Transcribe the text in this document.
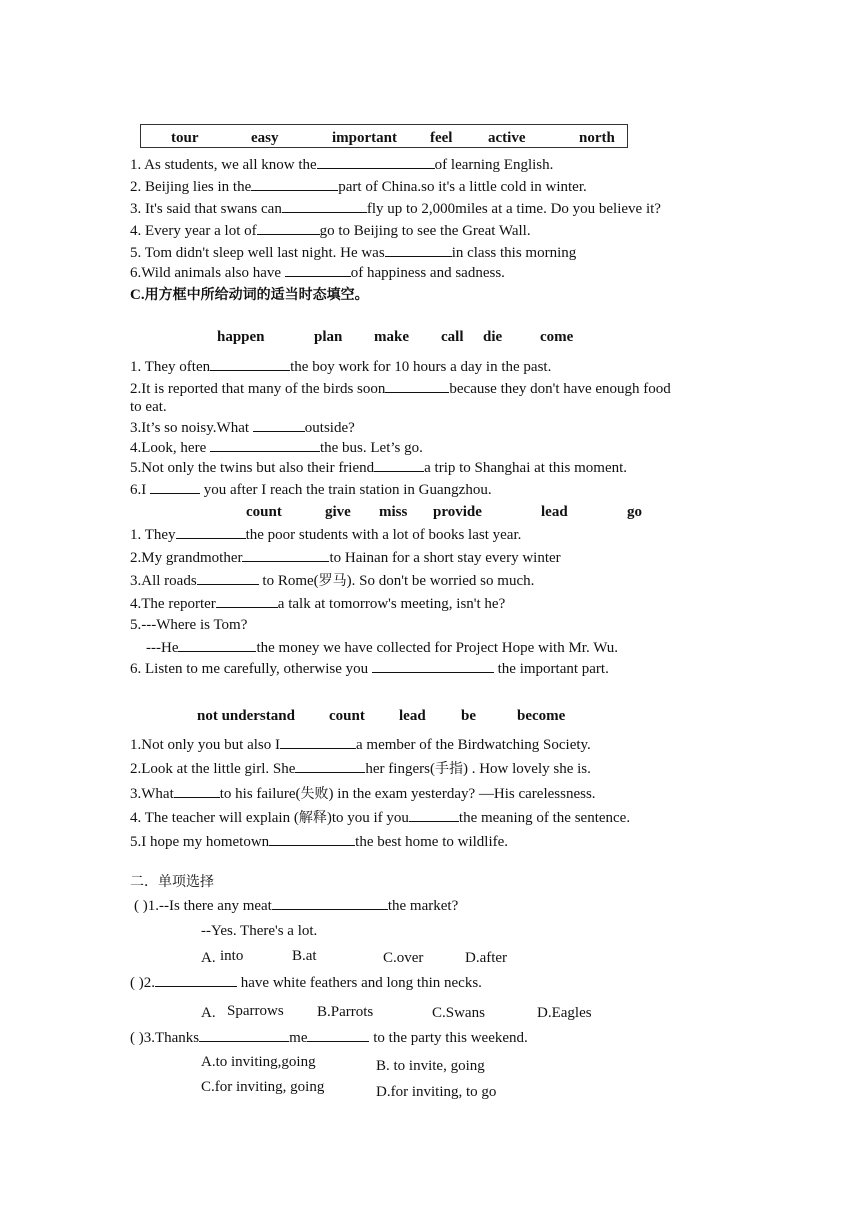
tour	easy	important feel active	north
1. As students, we all know the	of learning English.
2. Beijing lies in the	part of China.so it's a little cold in winter.
3. It's said that swans can	fly up to 2,000miles at a time. Do you believe it?
4. Every year a lot of	go to Beijing to see the Great Wall.
5. Tom didn't sleep well last night. He was	in class this morning
6.Wild animals also have	of happiness and sadness.
C.用方框中所给动词的适当时态填空。
happen	plan make call die	come
1. They often	the boy work for 10 hours a day in the past.
2.It is reported that many of the birds soon	because they don't have enough food
to eat.
3.It’s so noisy.What	outside?
4.Look, here	the bus. Let’s go.
5.Not only the twins but also their friend	a trip to Shanghai at this moment.
6.I	you after I reach the train station in Guangzhou.
count	give miss provide	lead	go
1. They	the poor students with a lot of books last year.
2.My grandmother	to Hainan for a short stay every winter
3.All roads	to Rome(罗马). So don't be worried so much.
4.The reporter	a talk at tomorrow's meeting, isn't he?
5.---Where is Tom?
---He	the money we have collected for Project Hope with Mr. Wu.
6. Listen to me carefully, otherwise you	the important part.
not understand count lead be	become
1.Not only you but also I	a member of the Birdwatching Society.
2.Look at the little girl. She	her fingers(手指) . How lovely she is.
3.What	to his failure(失败) in the exam yesterday? —His carelessness.
4. The teacher will explain (解释)to you if you	the meaning of the sentence.
5.I hope my hometown	the best home to wildlife.
二．单项选择
( )1.--Is there any meat	the market?
--Yes. There's a lot.
A. into	B.at	C.over	D.after
( )2.	have white feathers and long thin necks.
A. Sparrows B.Parrots	C.Swans	D.Eagles
( )3.Thanks	me	to the party this weekend.
A.to inviting,going	B. to invite, going
C.for inviting, going	D.for inviting, to go
